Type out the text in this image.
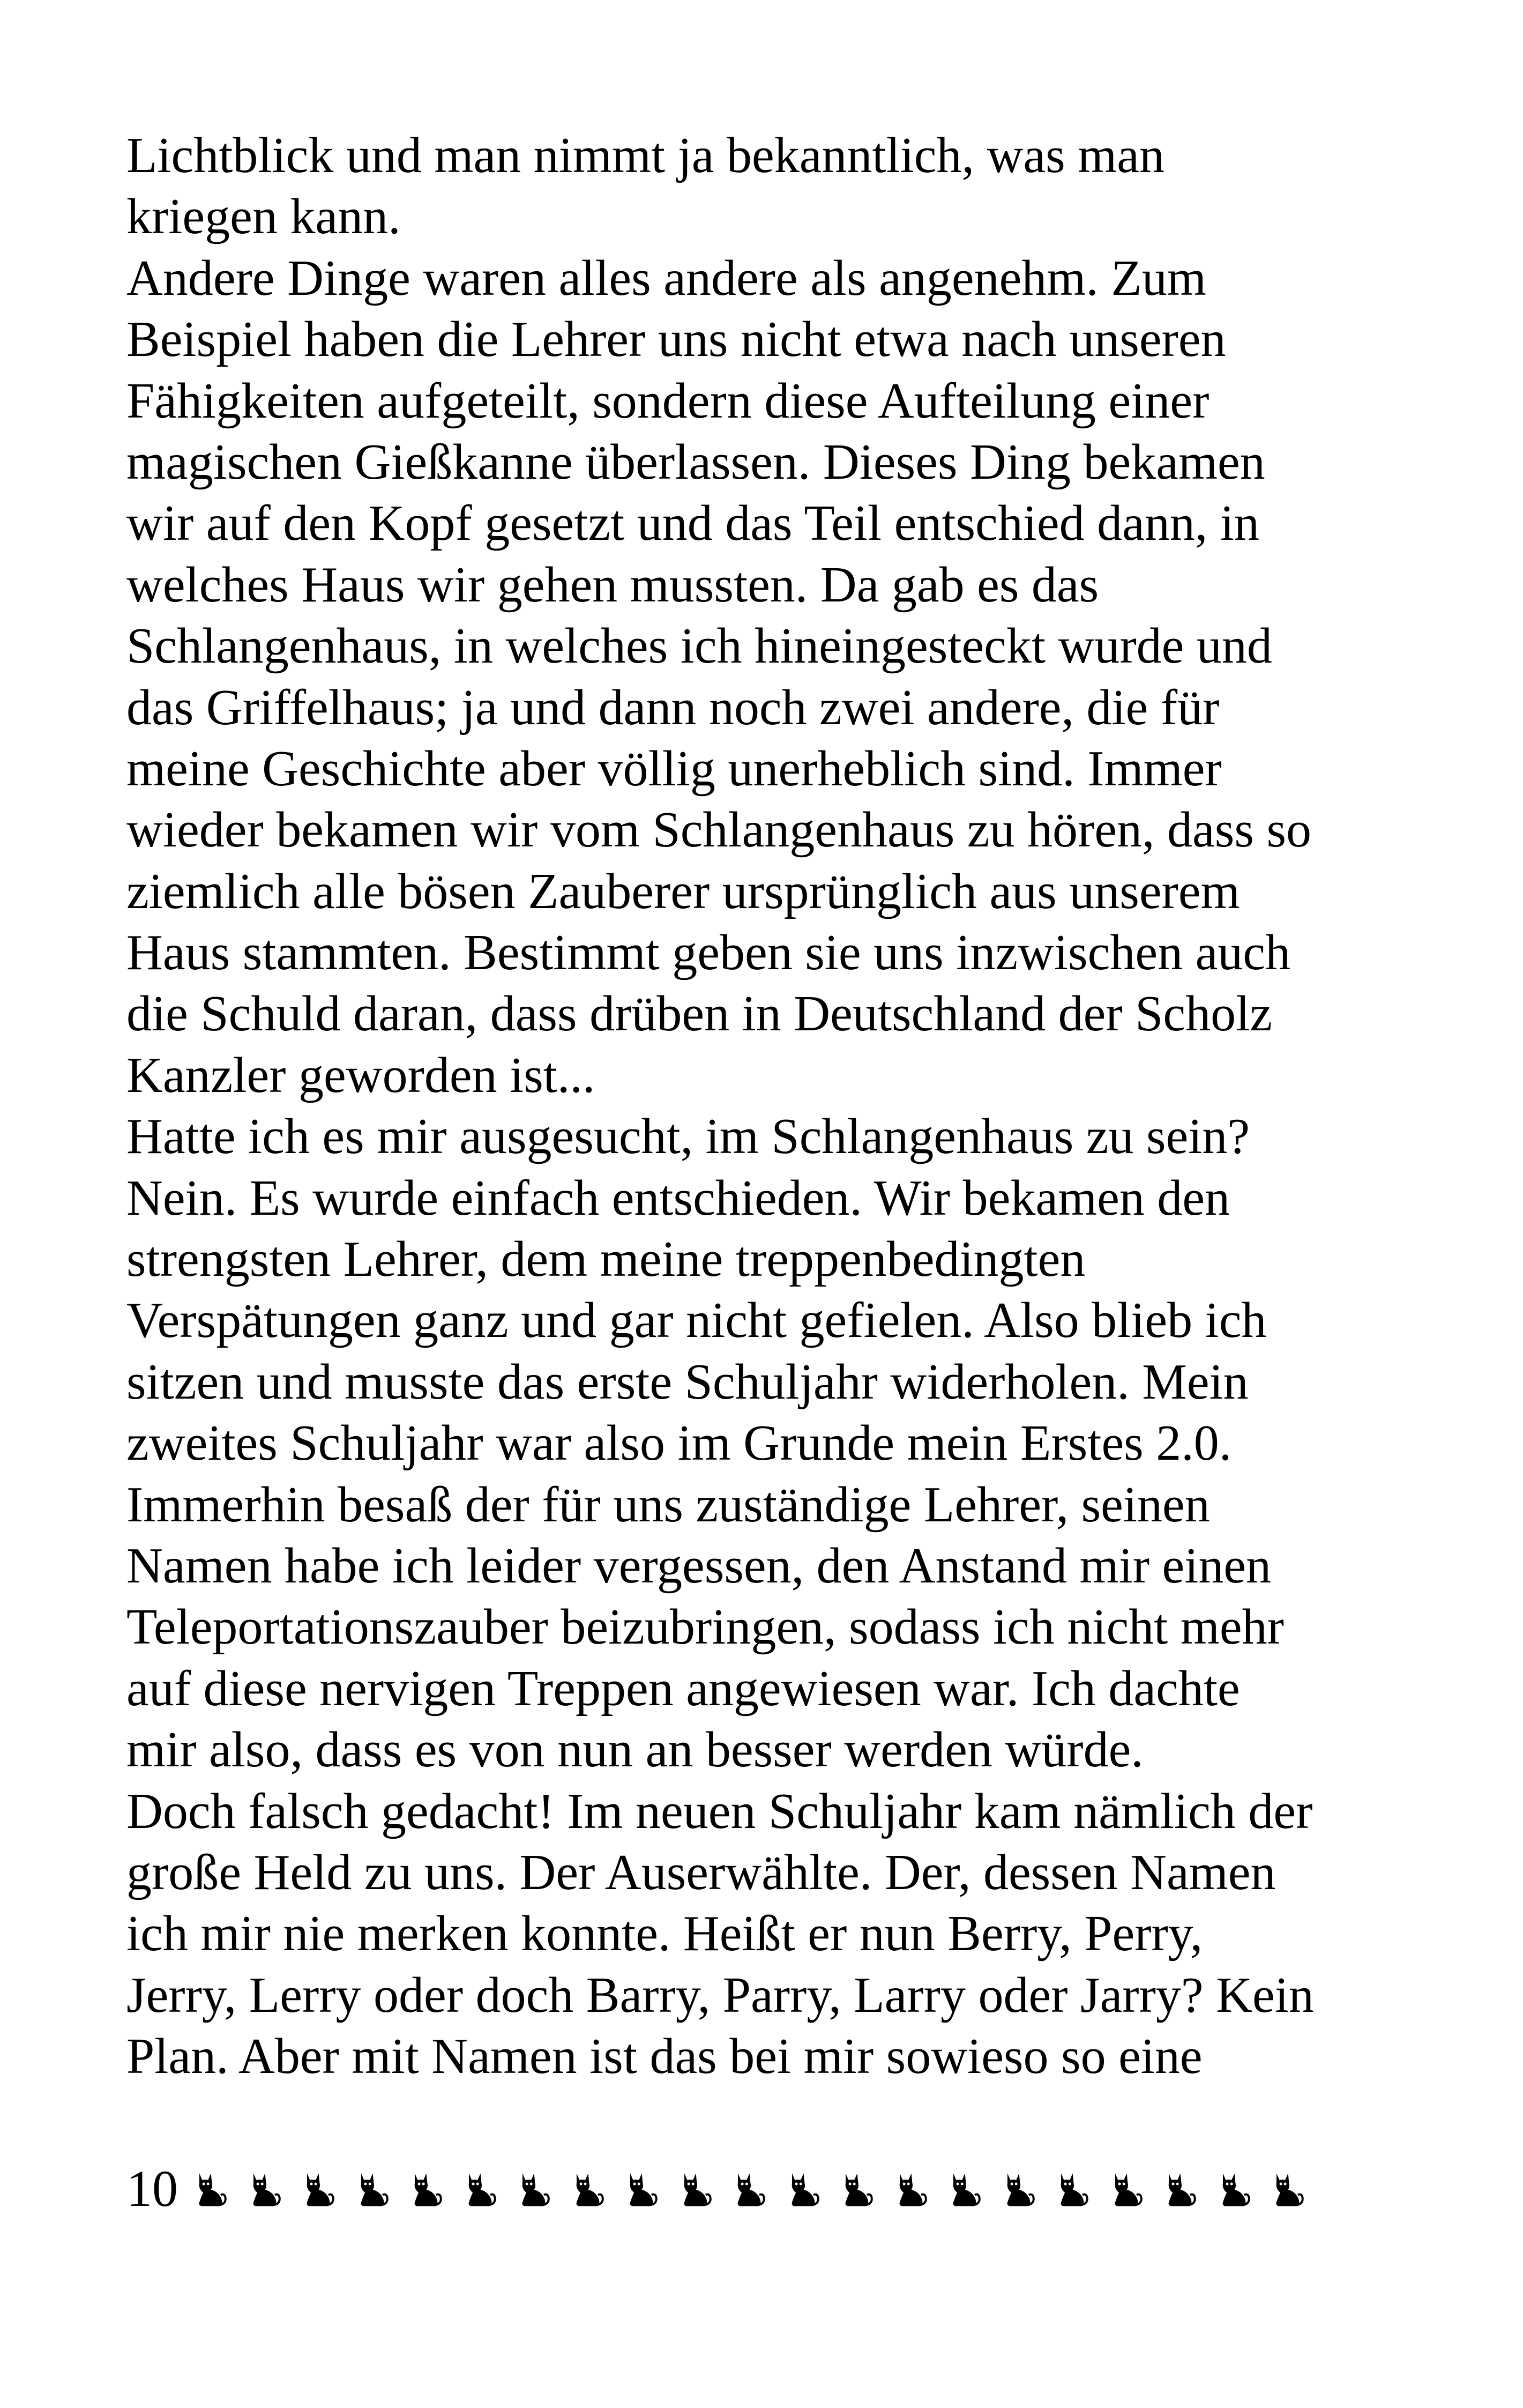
Lichtblick und man nimmt ja bekanntlich, was man
kriegen kann.
Andere Dinge waren alles andere als angenehm. Zum
Beispiel haben die Lehrer uns nicht etwa nach unseren
Fähigkeiten aufgeteilt, sondern diese Aufteilung einer
magischen Gießkanne überlassen. Dieses Ding bekamen
wir auf den Kopf gesetzt und das Teil entschied dann, in
welches Haus wir gehen mussten. Da gab es das
Schlangenhaus, in welches ich hineingesteckt wurde und
das Griffelhaus; ja und dann noch zwei andere, die für
meine Geschichte aber völlig unerheblich sind. Immer
wieder bekamen wir vom Schlangenhaus zu hören, dass so
ziemlich alle bösen Zauberer ursprünglich aus unserem
Haus stammten. Bestimmt geben sie uns inzwischen auch
die Schuld daran, dass drüben in Deutschland der Scholz
Kanzler geworden ist...
Hatte ich es mir ausgesucht, im Schlangenhaus zu sein?
Nein. Es wurde einfach entschieden. Wir bekamen den
strengsten Lehrer, dem meine treppenbedingten
Verspätungen ganz und gar nicht gefielen. Also blieb ich
sitzen und musste das erste Schuljahr widerholen. Mein
zweites Schuljahr war also im Grunde mein Erstes 2.0.
Immerhin besaß der für uns zuständige Lehrer, seinen
Namen habe ich leider vergessen, den Anstand mir einen
Teleportationszauber beizubringen, sodass ich nicht mehr
auf diese nervigen Treppen angewiesen war. Ich dachte
mir also, dass es von nun an besser werden würde.
Doch falsch gedacht! Im neuen Schuljahr kam nämlich der
große Held zu uns. Der Auserwählte. Der, dessen Namen
ich mir nie merken konnte. Heißt er nun Berry, Perry,
Jerry, Lerry oder doch Barry, Parry, Larry oder Jarry? Kein
Plan. Aber mit Namen ist das bei mir sowieso so eine
10
